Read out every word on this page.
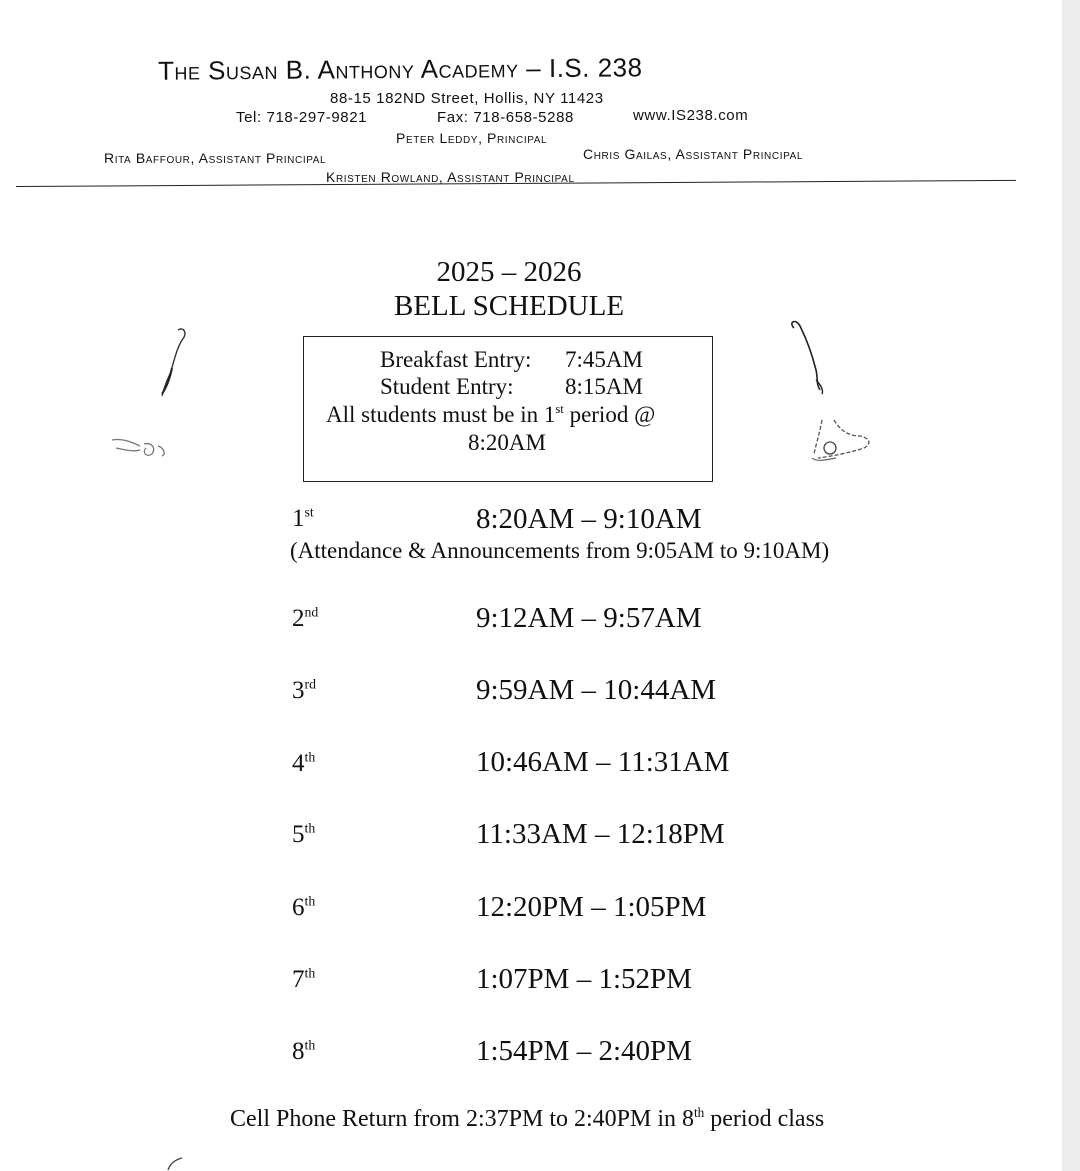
The Susan B. Anthony Academy – I.S. 238
88-15 182ND Street, Hollis, NY 11423
Tel: 718-297-9821	Fax: 718-658-5288	www.IS238.com
Peter Leddy, Principal
Rita Baffour, Assistant Principal	Chris Gailas, Assistant Principal
Kristen Rowland, Assistant Principal
2025 – 2026
BELL SCHEDULE
Breakfast Entry: 7:45AM
Student Entry: 8:15AM
All students must be in 1st period @
8:20AM
1st	8:20AM – 9:10AM
(Attendance & Announcements from 9:05AM to 9:10AM)
2nd	9:12AM – 9:57AM
3rd	9:59AM – 10:44AM
4th	10:46AM – 11:31AM
5th	11:33AM – 12:18PM
6th	12:20PM – 1:05PM
7th	1:07PM – 1:52PM
8th	1:54PM – 2:40PM
Cell Phone Return from 2:37PM to 2:40PM in 8th period class
